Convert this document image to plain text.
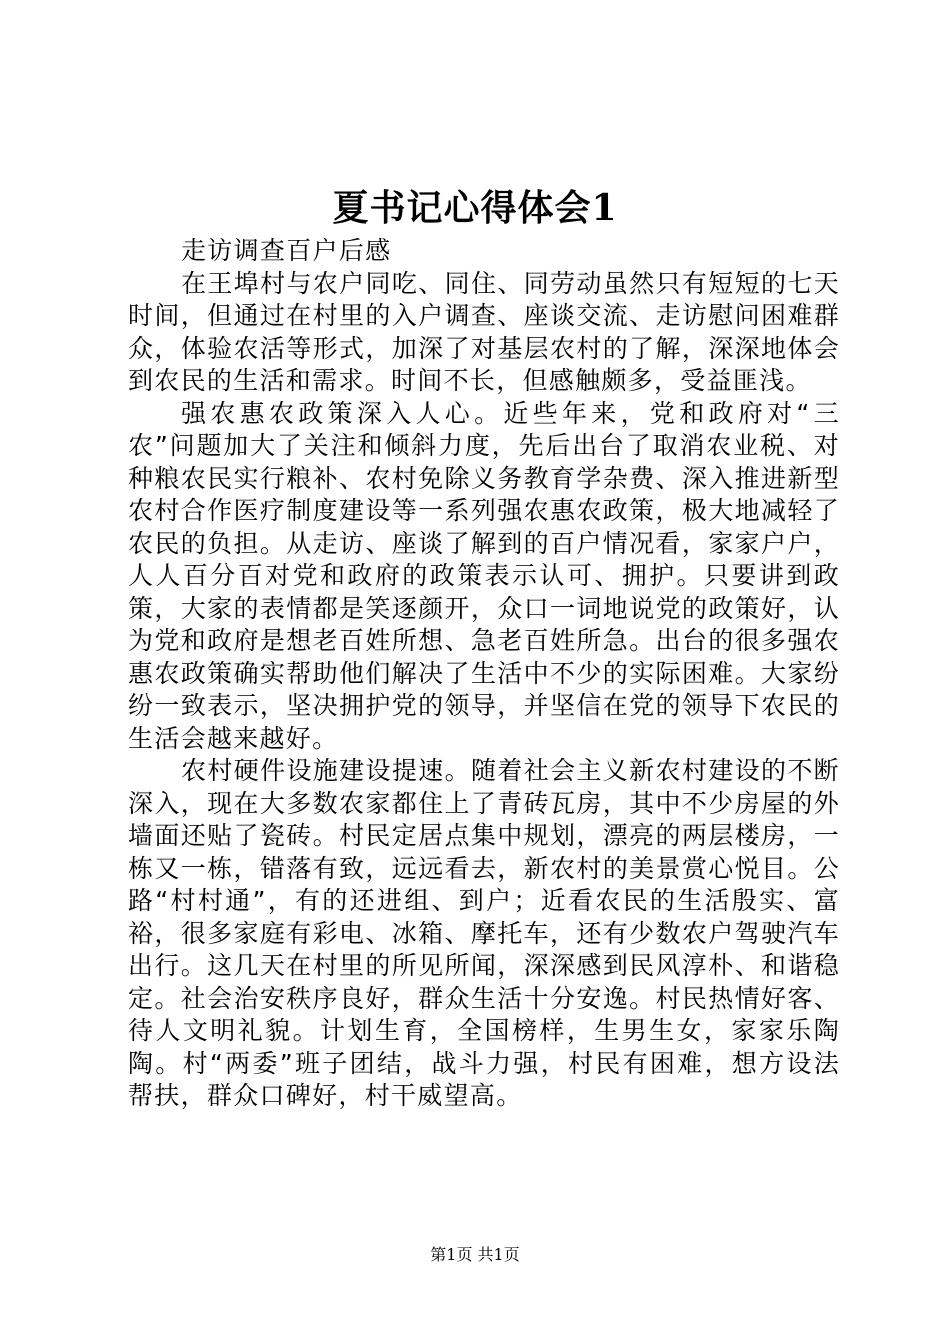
夏书记心得体会1

走访调查百户后感

在王埠村与农户同吃、同住、同劳动虽然只有短短的七天时间，但通过在村里的入户调查、座谈交流、走访慰问困难群众，体验农活等形式，加深了对基层农村的了解，深深地体会到农民的生活和需求。时间不长，但感触颇多，受益匪浅。

强农惠农政策深入人心。近些年来，党和政府对“三农”问题加大了关注和倾斜力度，先后出台了取消农业税、对种粮农民实行粮补、农村免除义务教育学杂费、深入推进新型农村合作医疗制度建设等一系列强农惠农政策，极大地减轻了农民的负担。从走访、座谈了解到的百户情况看，家家户户，人人百分百对党和政府的政策表示认可、拥护。只要讲到政策，大家的表情都是笑逐颜开，众口一词地说党的政策好，认为党和政府是想老百姓所想、急老百姓所急。出台的很多强农惠农政策确实帮助他们解决了生活中不少的实际困难。大家纷纷一致表示，坚决拥护党的领导，并坚信在党的领导下农民的生活会越来越好。

农村硬件设施建设提速。随着社会主义新农村建设的不断深入，现在大多数农家都住上了青砖瓦房，其中不少房屋的外墙面还贴了瓷砖。村民定居点集中规划，漂亮的两层楼房，一栋又一栋，错落有致，远远看去，新农村的美景赏心悦目。公路“村村通”，有的还进组、到户；近看农民的生活殷实、富裕，很多家庭有彩电、冰箱、摩托车，还有少数农户驾驶汽车出行。这几天在村里的所见所闻，深深感到民风淳朴、和谐稳定。社会治安秩序良好，群众生活十分安逸。村民热情好客、待人文明礼貌。计划生育，全国榜样，生男生女，家家乐陶陶。村“两委”班子团结，战斗力强，村民有困难，想方设法帮扶，群众口碑好，村干威望高。

第1页 共1页
